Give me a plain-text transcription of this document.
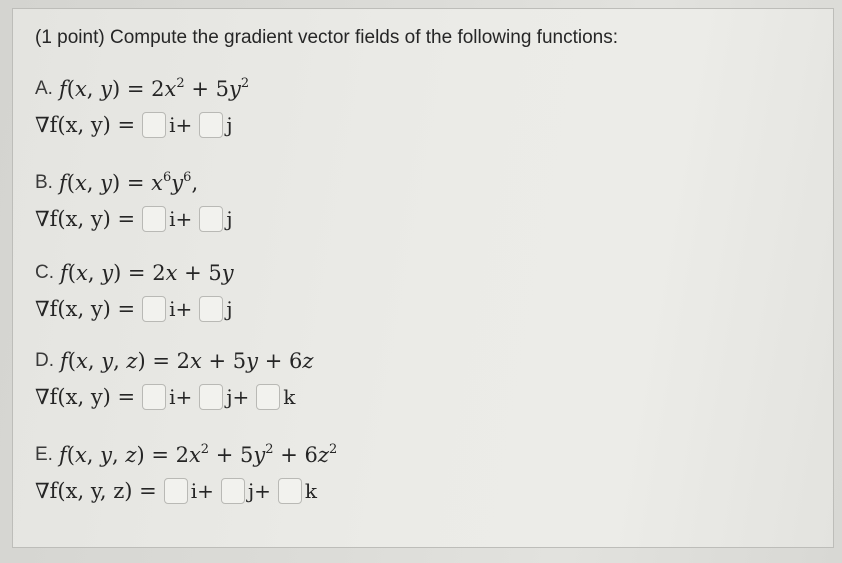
(1 point) Compute the gradient vector fields of the following functions:
A. f(x, $y) = 2x^2 + 5y^2$
∇f(x, y) = i+ j
B. f(x, $y) = x^6y^6$,
∇f(x, y) = i+ j
C. f(x, y) = 2x + 5y
∇f(x, y) = i+ j
D. f(x, y, z) = 2x + 5y + 6z
∇f(x, y) = i+ j+ k
E. f(x, y, $z) = 2x^2 + 5y^2 + 6z^2$
∇f(x, y, z) = i+ j+ k
